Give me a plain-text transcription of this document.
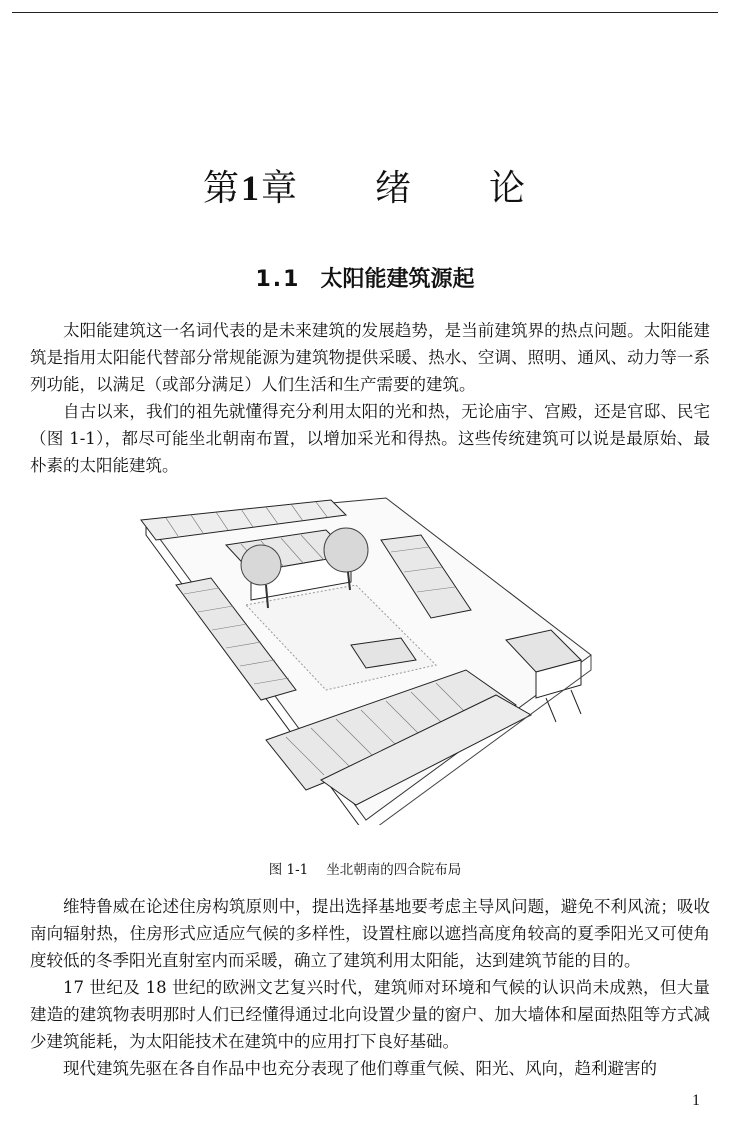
第1章　　 绪　　论
1.1 太阳能建筑源起

太阳能建筑这一名词代表的是未来建筑的发展趋势，是当前建筑界的热点问题。太阳能建筑是指用太阳能代替部分常规能源为建筑物提供采暖、热水、空调、照明、通风、动力等一系列功能，以满足（或部分满足）人们生活和生产需要的建筑。

自古以来，我们的祖先就懂得充分利用太阳的光和热，无论庙宇、宫殿，还是官邸、民宅（图 1-1），都尽可能坐北朝南布置，以增加采光和得热。这些传统建筑可以说是最原始、最朴素的太阳能建筑。

图 1-1 坐北朝南的四合院布局

维特鲁威在论述住房构筑原则中，提出选择基地要考虑主导风问题，避免不利风流；吸收南向辐射热，住房形式应适应气候的多样性，设置柱廊以遮挡高度角较高的夏季阳光又可使角度较低的冬季阳光直射室内而采暖，确立了建筑利用太阳能，达到建筑节能的目的。

17 世纪及 18 世纪的欧洲文艺复兴时代，建筑师对环境和气候的认识尚未成熟，但大量建造的建筑物表明那时人们已经懂得通过北向设置少量的窗户、加大墙体和屋面热阻等方式减少建筑能耗，为太阳能技术在建筑中的应用打下良好基础。

现代建筑先驱在各自作品中也充分表现了他们尊重气候、阳光、风向，趋利避害的

1
